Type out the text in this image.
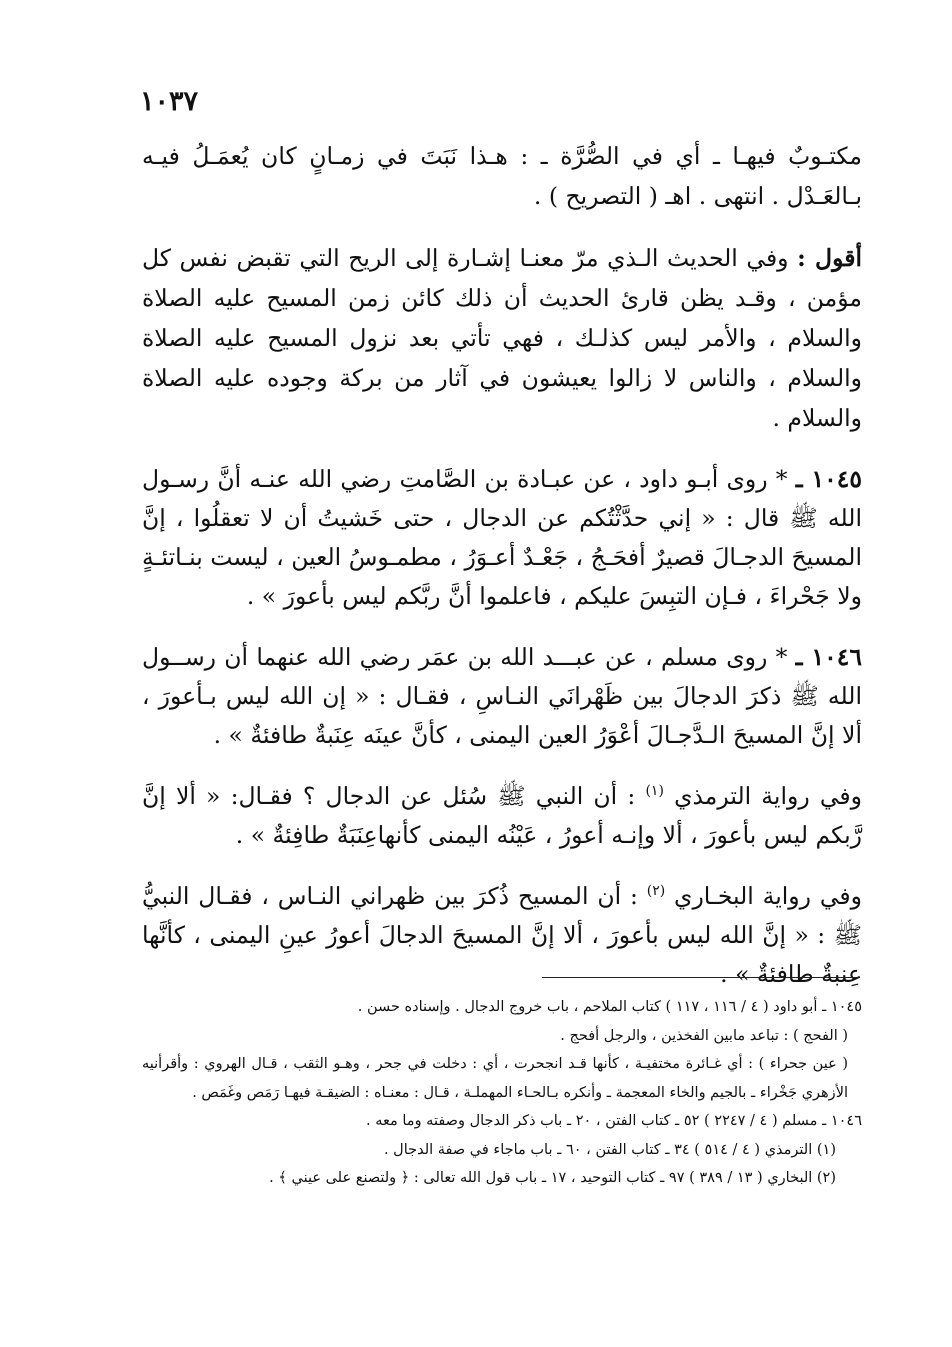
١٠٣٧

مكتـوبٌ فيهـا ـ أي في الصُّرَّة ـ : هـذا نَبَتَ في زمـانٍ كان يُعمَـلُ فيـه بـالعَـدْل . انتهى . اهـ ( التصريح ) .

أقول : وفي الحديث الـذي مرّ معنـا إشـارة إلى الريح التي تقبض نفس كل مؤمن ، وقـد يظن قارئ الحديث أن ذلك كائن زمن المسيح عليه الصلاة والسلام ، والأمر ليس كذلـك ، فهي تأتي بعد نزول المسيح عليه الصلاة والسلام ، والناس لا زالوا يعيشون في آثار من بركة وجوده عليه الصلاة والسلام .

١٠٤٥ ـ * روى أبـو داود ، عن عبـادة بن الصَّامتِ رضي الله عنـه أنَّ رسـول الله ﷺ قال : « إني حدَّثْتُكم عن الدجال ، حتى خَشيتُ أن لا تعقلُوا ، إنَّ المسيحَ الدجـالَ قصيرٌ أفحَـجُ ، جَعْـدٌ أعـوَرُ ، مطمـوسُ العين ، ليست بنـاتئـةٍ ولا جَحْراءَ ، فـإن التبِسَ عليكم ، فاعلموا أنَّ ربَّكم ليس بأعورَ » .

١٠٤٦ ـ * روى مسلم ، عن عبـــد الله بن عمَر رضي الله عنهما أن رســول الله ﷺ ذكرَ الدجالَ بين ظَهْرانَي النـاسِ ، فقـال : « إن الله ليس بـأعورَ ، ألا إنَّ المسيحَ الـدَّجـالَ أعْوَرُ العين اليمنى ، كأنَّ عينَه عِنَبةٌ طافئةٌ » .

وفي رواية الترمذي $^{(١)}$ : أن النبي ﷺ سُئل عن الدجال ؟ فقـال: « ألا إنَّ رَّبكم ليس بأعورَ ، ألا وإنـه أعورُ ، عَيْنُه اليمنى كأنهاعِنَبَةٌ طافِئةٌ » .

وفي رواية البخـاري $^{(٢)}$ : أن المسيح ذُكرَ بين ظهراني النـاس ، فقـال النبيُّ ﷺ : « إنَّ الله ليس بأعورَ ، ألا إنَّ المسيحَ الدجالَ أعورُ عينِ اليمنى ، كأنَّها عِنبةٌ طافئةٌ » .

١٠٤٥ ـ أبو داود ( ٤ / ١١٦ ، ١١٧ ) كتاب الملاحم ، باب خروج الدجال . وإسناده حسن .

( الفحج ) : تباعد مابين الفخذين ، والرجل أفحج .

( عين جحراء ) : أي غـائرة مختفيـة ، كأنها قـد انجحرت ، أي : دخلت في جحر ، وهـو الثقب ، قـال الهروي : وأقرأنيه الأزهري جَخْراء ـ بالجيم والخاء المعجمة ـ وأنكره بـالحـاء المهملـة ، قـال : معنـاه : الضيقـة فيهـا رَمَص وغَمَص .

١٠٤٦ ـ مسلم ( ٤ / ٢٢٤٧ ) ٥٢ ـ كتاب الفتن ، ٢٠ ـ باب ذكر الدجال وصفته وما معه .

(١) الترمذي ( ٤ / ٥١٤ ) ٣٤ ـ كتاب الفتن ، ٦٠ ـ باب ماجاء في صفة الدجال .

(٢) البخاري ( ١٣ / ٣٨٩ ) ٩٧ ـ كتاب التوحيد ، ١٧ ـ باب قول الله تعالى : ﴿ ولتصنع على عيني ﴾ .
